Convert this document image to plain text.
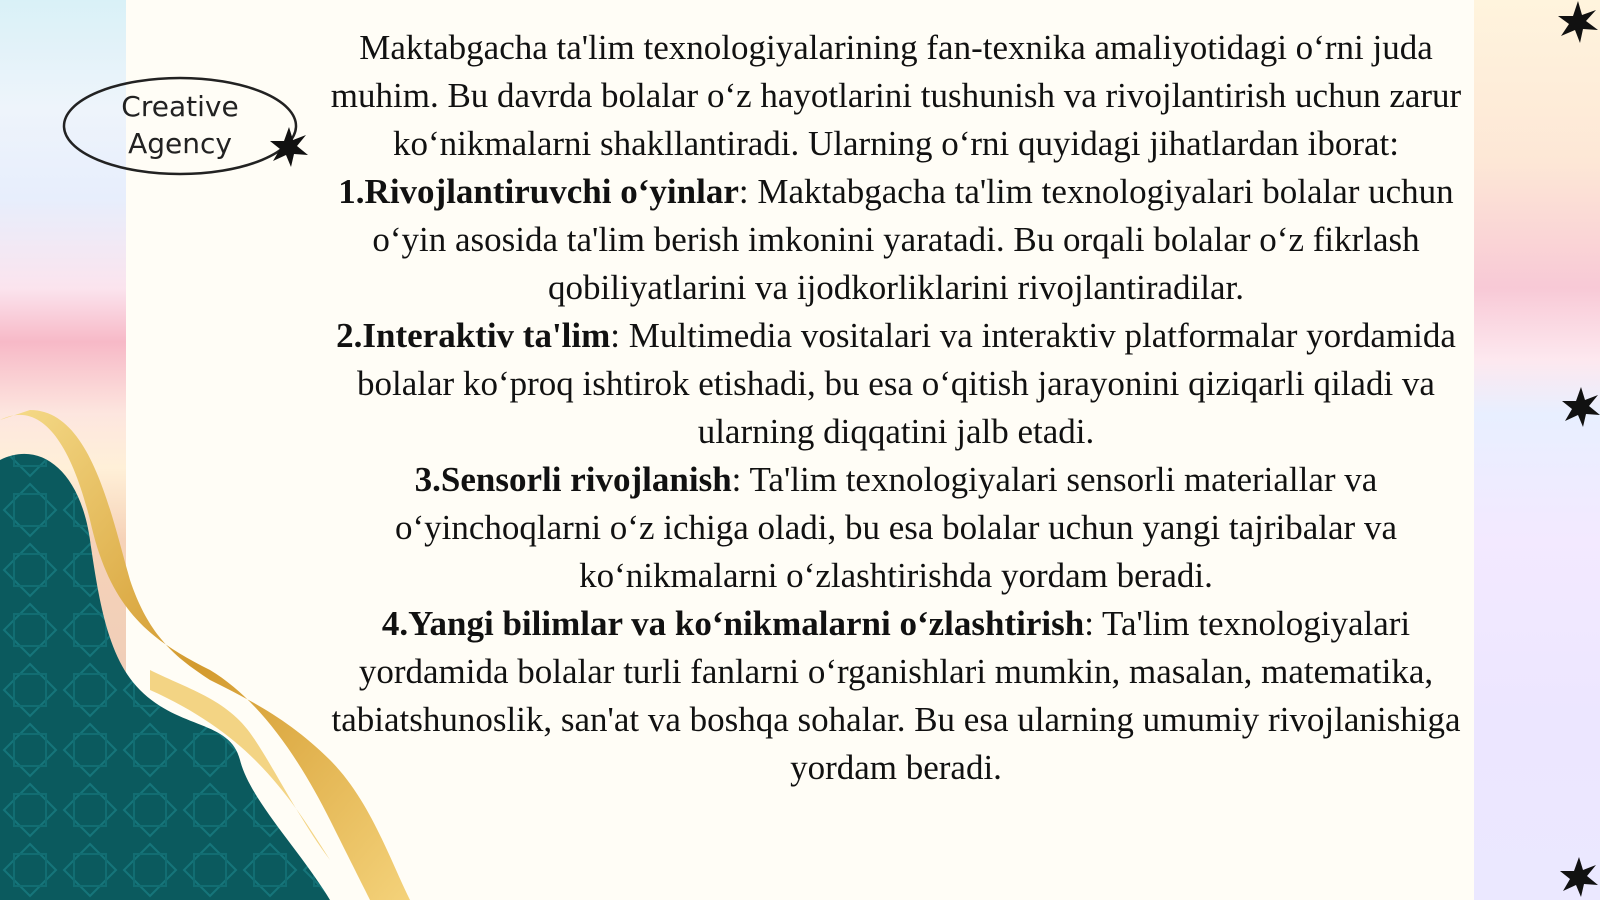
Creative
Agency

Maktabgacha ta'lim texnologiyalarining fan-texnika amaliyotidagi o‘rni juda muhim. Bu davrda bolalar o‘z hayotlarini tushunish va rivojlantirish uchun zarur ko‘nikmalarni shakllantiradi. Ularning o‘rni quyidagi jihatlardan iborat:

1.Rivojlantiruvchi o‘yinlar: Maktabgacha ta'lim texnologiyalari bolalar uchun o‘yin asosida ta'lim berish imkonini yaratadi. Bu orqali bolalar o‘z fikrlash qobiliyatlarini va ijodkorliklarini rivojlantiradilar.

2.Interaktiv ta'lim: Multimedia vositalari va interaktiv platformalar yordamida bolalar ko‘proq ishtirok etishadi, bu esa o‘qitish jarayonini qiziqarli qiladi va ularning diqqatini jalb etadi.

3.Sensorli rivojlanish: Ta'lim texnologiyalari sensorli materiallar va o‘yinchoqlarni o‘z ichiga oladi, bu esa bolalar uchun yangi tajribalar va ko‘nikmalarni o‘zlashtirishda yordam beradi.

4.Yangi bilimlar va ko‘nikmalarni o‘zlashtirish: Ta'lim texnologiyalari yordamida bolalar turli fanlarni o‘rganishlari mumkin, masalan, matematika, tabiatshunoslik, san'at va boshqa sohalar. Bu esa ularning umumiy rivojlanishiga yordam beradi.
